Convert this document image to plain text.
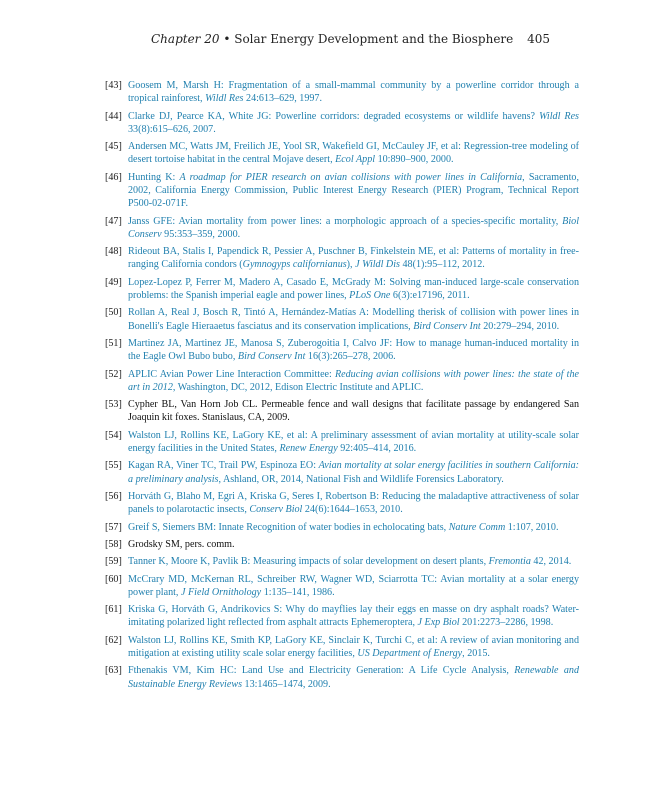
Chapter 20 • Solar Energy Development and the Biosphere 405
[43] Goosem M, Marsh H: Fragmentation of a small-mammal community by a powerline corridor through a tropical rainforest, Wildl Res 24:613–629, 1997.
[44] Clarke DJ, Pearce KA, White JG: Powerline corridors: degraded ecosystems or wildlife havens? Wildl Res 33(8):615–626, 2007.
[45] Andersen MC, Watts JM, Freilich JE, Yool SR, Wakefield GI, McCauley JF, et al: Regression-tree modeling of desert tortoise habitat in the central Mojave desert, Ecol Appl 10:890–900, 2000.
[46] Hunting K: A roadmap for PIER research on avian collisions with power lines in California, Sacramento, 2002, California Energy Commission, Public Interest Energy Research (PIER) Program, Technical Report P500-02-071F.
[47] Janss GFE: Avian mortality from power lines: a morphologic approach of a species-specific mortality, Biol Conserv 95:353–359, 2000.
[48] Rideout BA, Stalis I, Papendick R, Pessier A, Puschner B, Finkelstein ME, et al: Patterns of mortality in free-ranging California condors (Gymnogyps californianus), J Wildl Dis 48(1):95–112, 2012.
[49] Lopez-Lopez P, Ferrer M, Madero A, Casado E, McGrady M: Solving man-induced large-scale conservation problems: the Spanish imperial eagle and power lines, PLoS One 6(3):e17196, 2011.
[50] Rollan A, Real J, Bosch R, Tintó A, Hernández-Matías A: Modelling therisk of collision with power lines in Bonelli's Eagle Hieraaetus fasciatus and its conservation implications, Bird Conserv Int 20:279–294, 2010.
[51] Martinez JA, Martinez JE, Manosa S, Zuberogoitia I, Calvo JF: How to manage human-induced mortality in the Eagle Owl Bubo bubo, Bird Conserv Int 16(3):265–278, 2006.
[52] APLIC Avian Power Line Interaction Committee: Reducing avian collisions with power lines: the state of the art in 2012, Washington, DC, 2012, Edison Electric Institute and APLIC.
[53] Cypher BL, Van Horn Job CL. Permeable fence and wall designs that facilitate passage by endangered San Joaquin kit foxes. Stanislaus, CA, 2009.
[54] Walston LJ, Rollins KE, LaGory KE, et al: A preliminary assessment of avian mortality at utility-scale solar energy facilities in the United States, Renew Energy 92:405–414, 2016.
[55] Kagan RA, Viner TC, Trail PW, Espinoza EO: Avian mortality at solar energy facilities in southern California: a preliminary analysis, Ashland, OR, 2014, National Fish and Wildlife Forensics Laboratory.
[56] Horváth G, Blaho M, Egri A, Kriska G, Seres I, Robertson B: Reducing the maladaptive attractiveness of solar panels to polarotactic insects, Conserv Biol 24(6):1644–1653, 2010.
[57] Greif S, Siemers BM: Innate Recognition of water bodies in echolocating bats, Nature Comm 1:107, 2010.
[58] Grodsky SM, pers. comm.
[59] Tanner K, Moore K, Pavlik B: Measuring impacts of solar development on desert plants, Fremontia 42, 2014.
[60] McCrary MD, McKernan RL, Schreiber RW, Wagner WD, Sciarrotta TC: Avian mortality at a solar energy power plant, J Field Ornithology 1:135–141, 1986.
[61] Kriska G, Horváth G, Andrikovics S: Why do mayflies lay their eggs en masse on dry asphalt roads? Water-imitating polarized light reflected from asphalt attracts Ephemeroptera, J Exp Biol 201:2273–2286, 1998.
[62] Walston LJ, Rollins KE, Smith KP, LaGory KE, Sinclair K, Turchi C, et al: A review of avian monitoring and mitigation at existing utility scale solar energy facilities, US Department of Energy, 2015.
[63] Fthenakis VM, Kim HC: Land Use and Electricity Generation: A Life Cycle Analysis, Renewable and Sustainable Energy Reviews 13:1465–1474, 2009.
